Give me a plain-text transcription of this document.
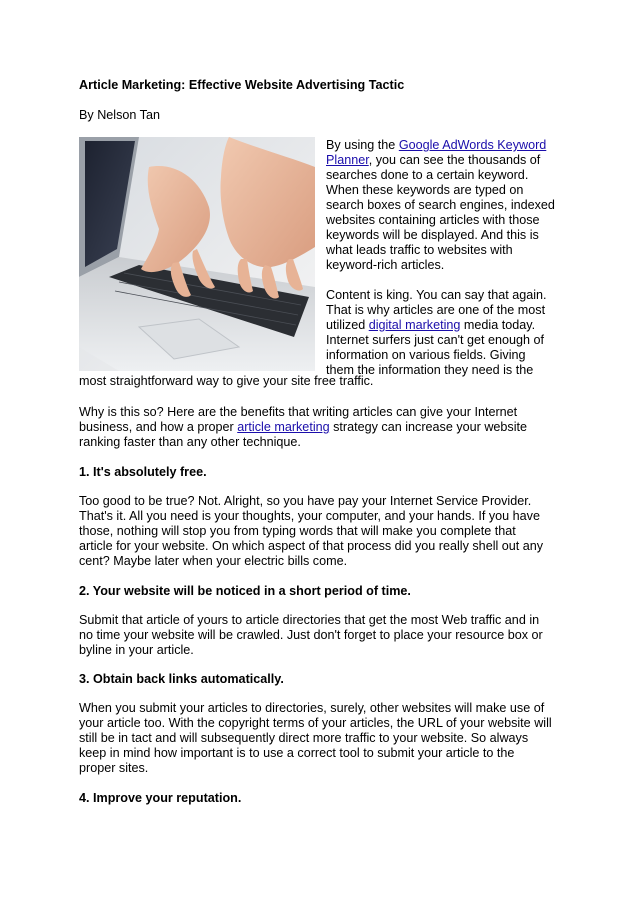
Article Marketing: Effective Website Advertising Tactic
By Nelson Tan

By using the Google AdWords Keyword
Planner, you can see the thousands of
searches done to a certain keyword.
When these keywords are typed on
search boxes of search engines, indexed
websites containing articles with those
keywords will be displayed. And this is
what leads traffic to websites with
keyword-rich articles.

Content is king. You can say that again.
That is why articles are one of the most
utilized digital marketing media today.
Internet surfers just can't get enough of
information on various fields. Giving
them the information they need is the

most straightforward way to give your site free traffic.

Why is this so? Here are the benefits that writing articles can give your Internet
business, and how a proper article marketing strategy can increase your website
ranking faster than any other technique.

1. It's absolutely free.

Too good to be true? Not. Alright, so you have pay your Internet Service Provider.
That's it. All you need is your thoughts, your computer, and your hands. If you have
those, nothing will stop you from typing words that will make you complete that
article for your website. On which aspect of that process did you really shell out any
cent? Maybe later when your electric bills come.

2. Your website will be noticed in a short period of time.

Submit that article of yours to article directories that get the most Web traffic and in
no time your website will be crawled. Just don't forget to place your resource box or
byline in your article.

3. Obtain back links automatically.

When you submit your articles to directories, surely, other websites will make use of
your article too. With the copyright terms of your articles, the URL of your website will
still be in tact and will subsequently direct more traffic to your website. So always
keep in mind how important is to use a correct tool to submit your article to the
proper sites.

4. Improve your reputation.
